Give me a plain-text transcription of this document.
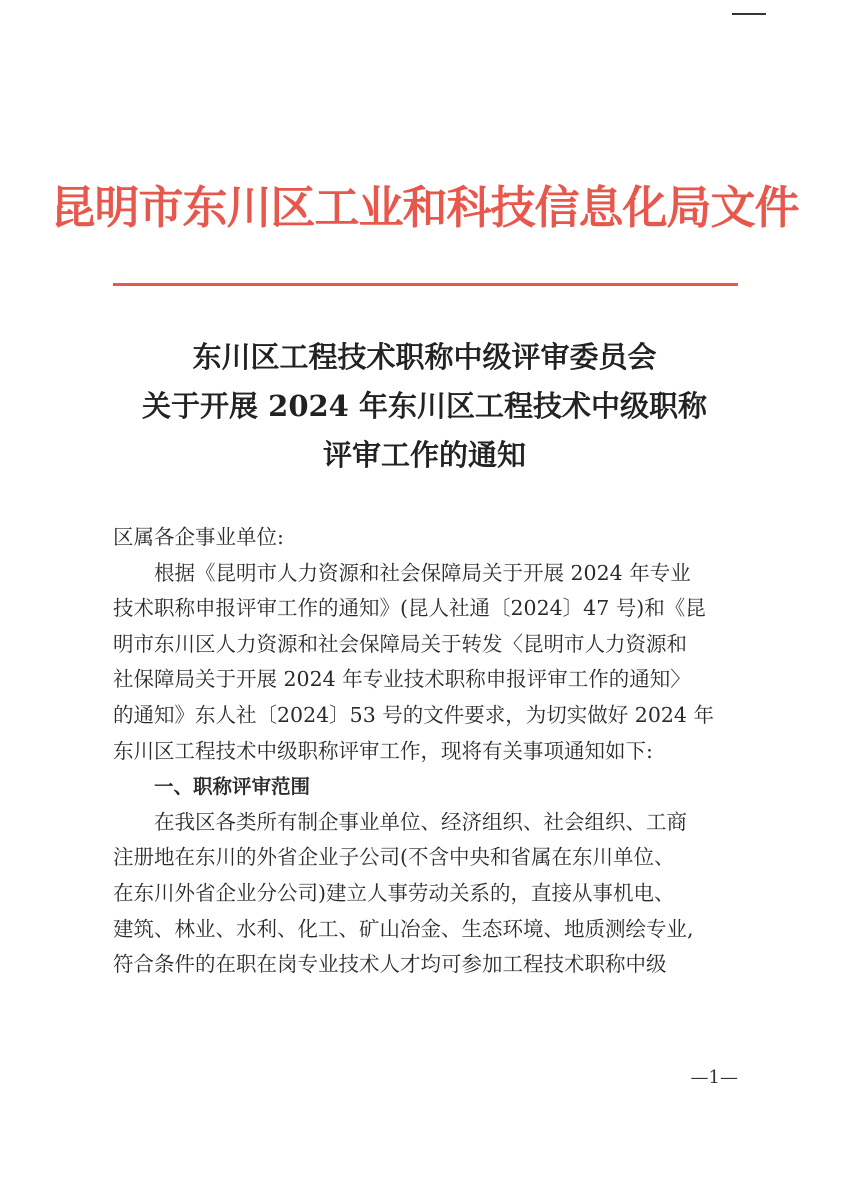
昆明市东川区工业和科技信息化局文件
东川区工程技术职称中级评审委员会
关于开展 2024 年东川区工程技术中级职称
评审工作的通知
区属各企事业单位:
根据《昆明市人力资源和社会保障局关于开展 2024 年专业
技术职称申报评审工作的通知》(昆人社通〔2024〕47 号)和《昆
明市东川区人力资源和社会保障局关于转发〈昆明市人力资源和
社保障局关于开展 2024 年专业技术职称申报评审工作的通知〉
的通知》东人社〔2024〕53 号的文件要求，为切实做好 2024 年
东川区工程技术中级职称评审工作，现将有关事项通知如下:
一、职称评审范围
在我区各类所有制企事业单位、经济组织、社会组织、工商
注册地在东川的外省企业子公司(不含中央和省属在东川单位、
在东川外省企业分公司)建立人事劳动关系的，直接从事机电、
建筑、林业、水利、化工、矿山冶金、生态环境、地质测绘专业,
符合条件的在职在岗专业技术人才均可参加工程技术职称中级
—1—
